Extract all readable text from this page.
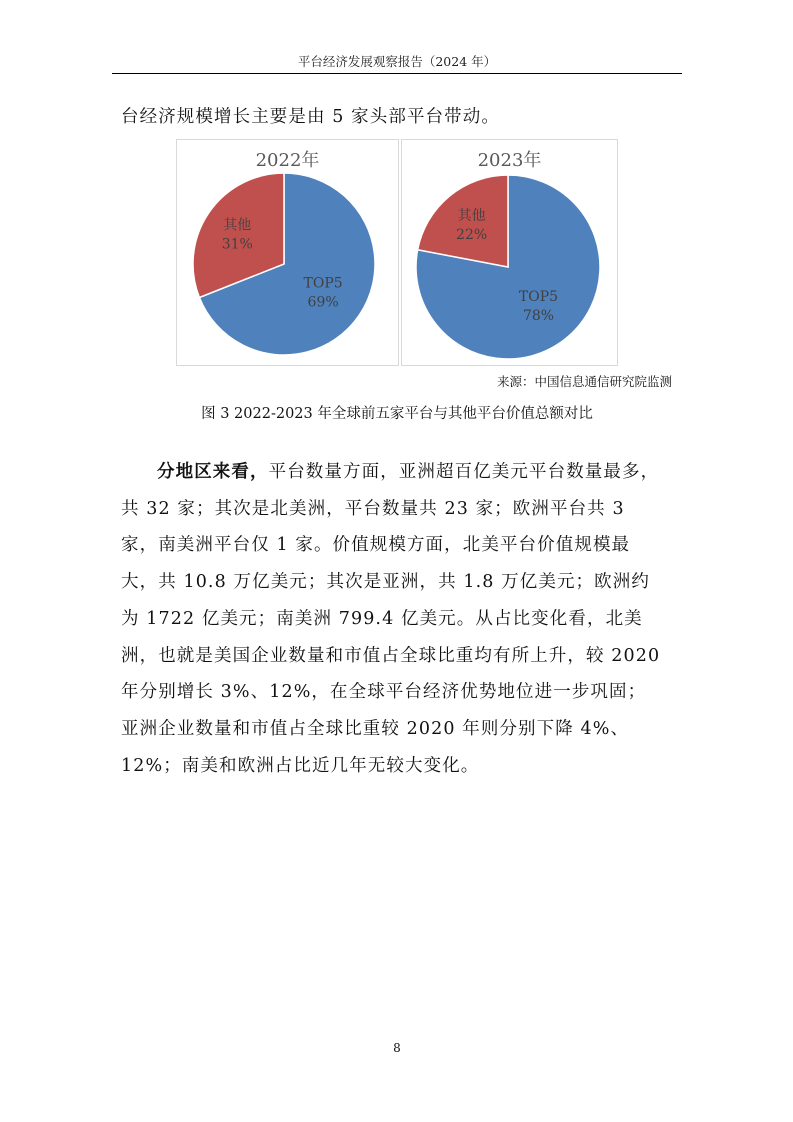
平台经济发展观察报告（2024 年）

台经济规模增长主要是由 5 家头部平台带动。

2022年
TOP5
69%
其他
31%
2023年
TOP5
78%
其他
22%
来源：中国信息通信研究院监测
图 3 2022-2023 年全球前五家平台与其他平台价值总额对比

分地区来看，平台数量方面，亚洲超百亿美元平台数量最多，共 32 家；其次是北美洲，平台数量共 23 家；欧洲平台共 3 家，南美洲平台仅 1 家。价值规模方面，北美平台价值规模最大，共 10.8 万亿美元；其次是亚洲，共 1.8 万亿美元；欧洲约为 1722 亿美元；南美洲 799.4 亿美元。从占比变化看，北美洲，也就是美国企业数量和市值占全球比重均有所上升，较 2020 年分别增长 3%、12%，在全球平台经济优势地位进一步巩固；亚洲企业数量和市值占全球比重较 2020 年则分别下降 4%、12%；南美和欧洲占比近几年无较大变化。

8
